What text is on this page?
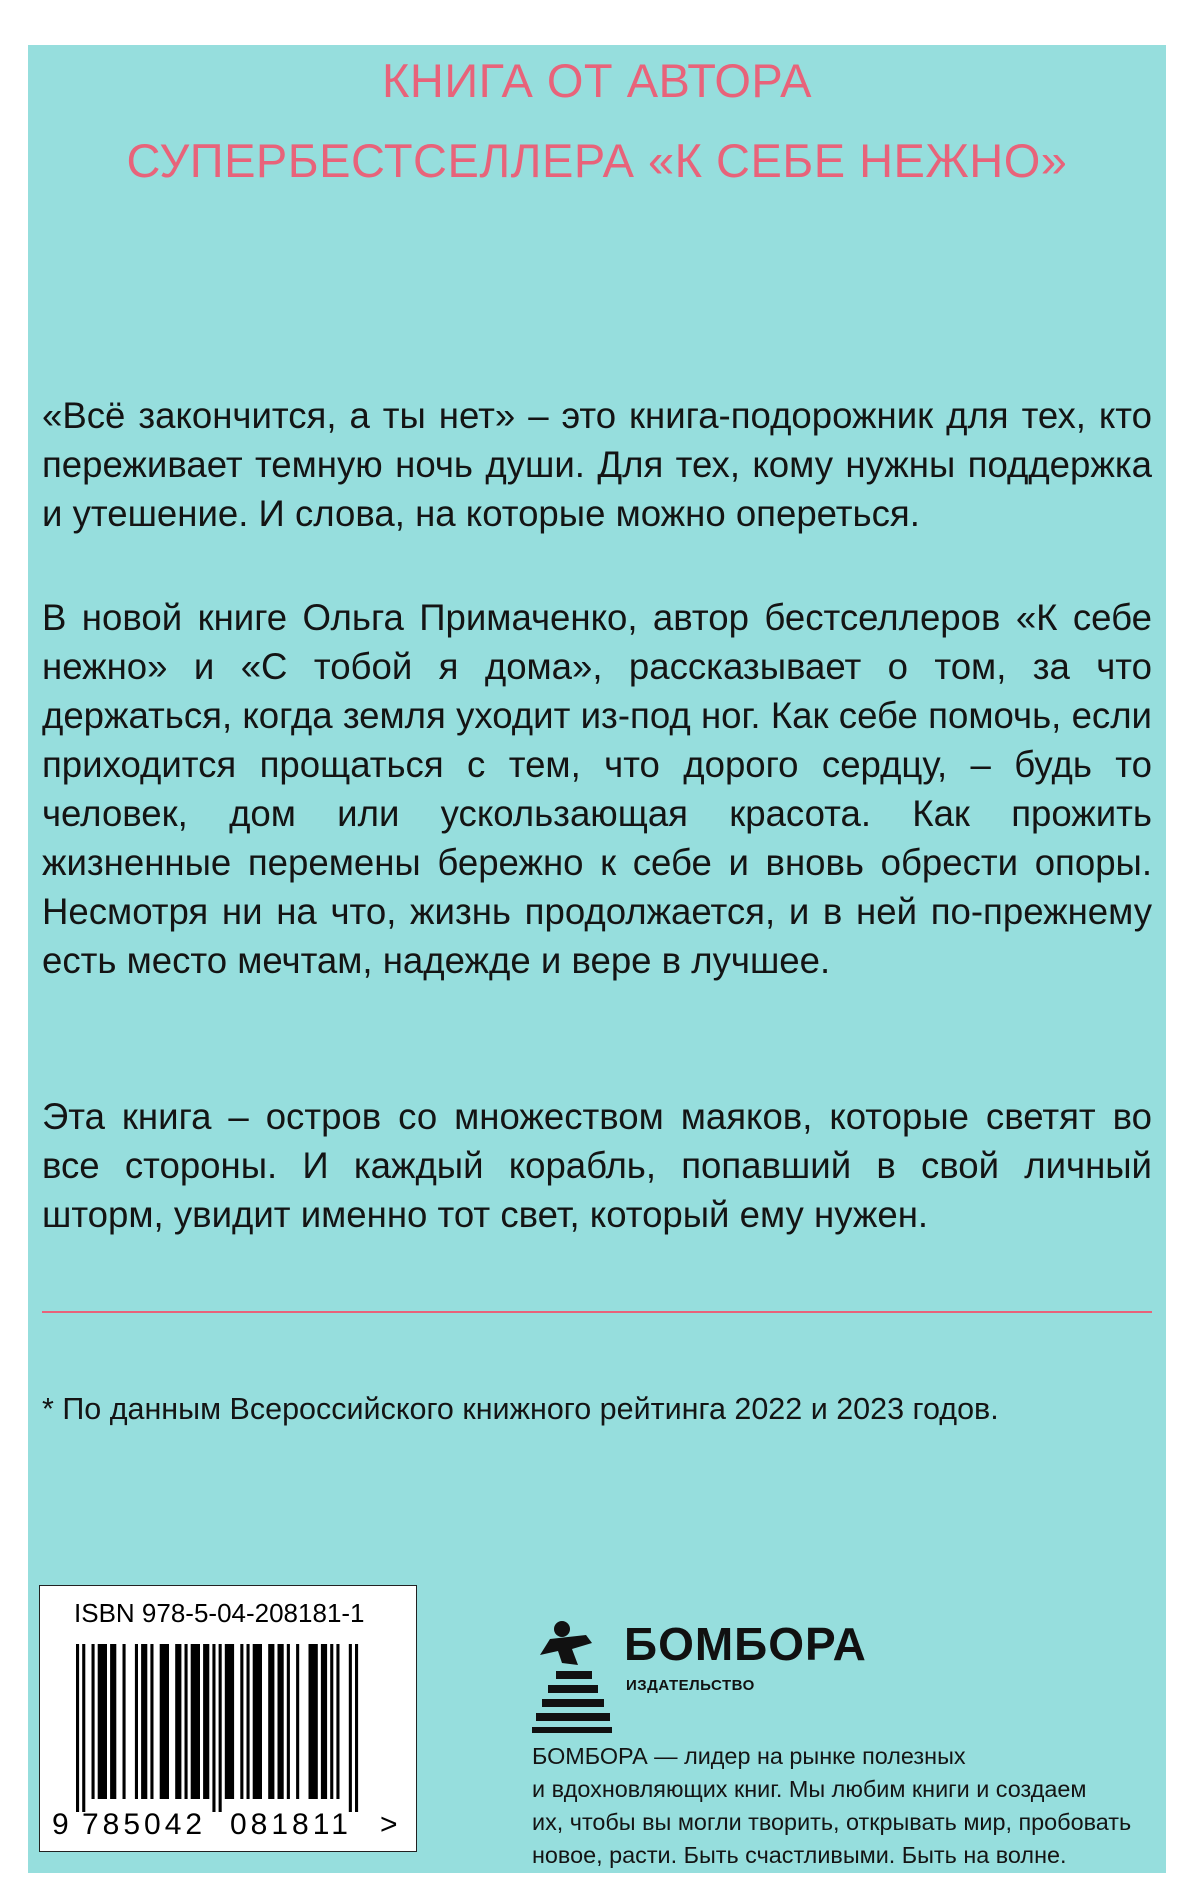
КНИГА ОТ АВТОРА
СУПЕРБЕСТСЕЛЛЕРА «К СЕБЕ НЕЖНО»

«Всё закончится, а ты нет» – это книга-подорожник для тех, кто переживает темную ночь души. Для тех, кому нужны поддержка и утешение. И слова, на которые можно опереться.

В новой книге Ольга Примаченко, автор бестселлеров «К себе нежно» и «С тобой я дома», рассказывает о том, за что держаться, когда земля уходит из-под ног. Как себе помочь, если приходится прощаться с тем, что дорого сердцу, – будь то человек, дом или ускользающая красота. Как прожить жизненные перемены бережно к себе и вновь обрести опоры. Несмотря ни на что, жизнь продолжается, и в ней по-прежнему есть место мечтам, надежде и вере в лучшее.

Эта книга – остров со множеством маяков, которые светят во все стороны. И каждый корабль, попавший в свой личный шторм, увидит именно тот свет, который ему нужен.

* По данным Всероссийского книжного рейтинга 2022 и 2023 годов.

ISBN 978-5-04-208181-1
9 785042 081811 >
БОМБОРА
ИЗДАТЕЛЬСТВО

БОМБОРА — лидер на рынке полезных
и вдохновляющих книг. Мы любим книги и создаем
их, чтобы вы могли творить, открывать мир, пробовать
новое, расти. Быть счастливыми. Быть на волне.
